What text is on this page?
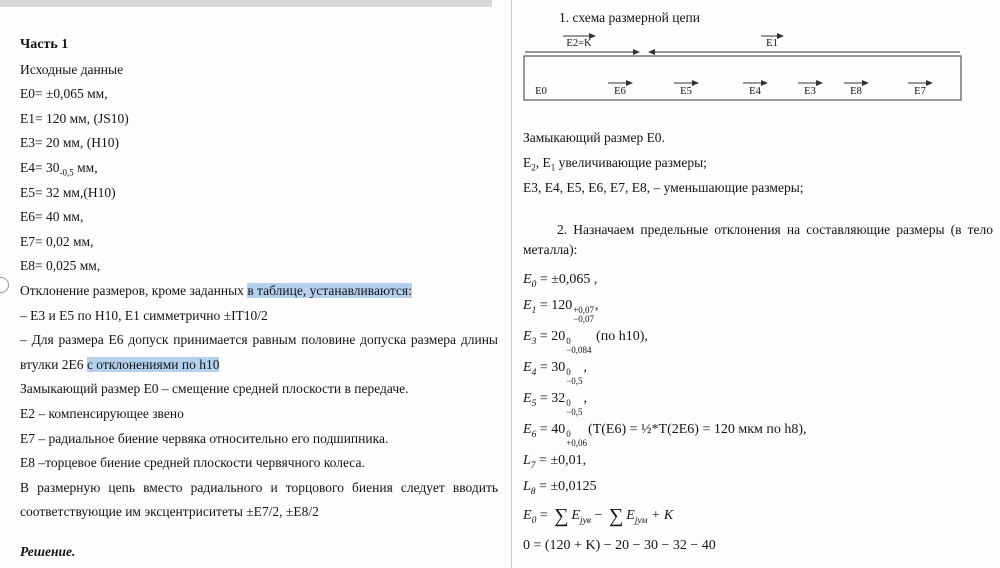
Часть 1
Исходные данные
E0= ±0,065 мм,
E1= 120 мм, (JS10)
E3= 20 мм, (H10)
$E4= 30_{-0,5}$ мм,
E5= 32 мм,(H10)
E6= 40 мм,
E7= 0,02 мм,
E8= 0,025 мм,

Отклонение размеров, кроме заданных в таблице, устанавливаются:

– E3 и E5 по H10, E1 симметрично ±IT10/2

– Для размера E6 допуск принимается равным половине допуска размера длины втулки 2Е6 с отклонениями по h10

Замыкающий размер E0 – смещение средней плоскости в передаче.

E2 – компенсирующее звено

E7 – радиальное биение червяка относительно его подшипника.

E8 –торцевое биение средней плоскости червячного колеса.

В размерную цепь вместо радиального и торцового биения следует вводить соответствующие им эксцентриситеты ±E7/2, ±E8/2

Решение.
1. схема размерной цепи
E2=K	E1
E0	E6	E5	E4	E3	E8	E7

Замыкающий размер E0.

$E_2$, $E_1$ увеличивающие размеры;

E3, E4, E5, E6, E7, E8, – уменьшающие размеры;

2. Назначаем предельные отклонения на составляющие размеры (в тело металла):

$E_0 = \pm 0,065$ ,
$E_1 = 120 +0,07$
−0,07
,
$E_3 = 20$ 0
−0,084
(по h10),
$E_4 = 30$ 0
−0,5
,
$E_5 = 32$ 0
−0,5
,
$E_6 = 40$ 0
+0,06
(T(E6) = ½*T(2E6) = 120 мкм по h8),
$L_7 = \pm 0,01$,
$L_8 = \pm 0,0125$
$E_0$ = ∑ $E_{jув}$ − ∑ $E_{jум} + K$
0 = (120 + K) − 20 − 30 − 32 − 40
